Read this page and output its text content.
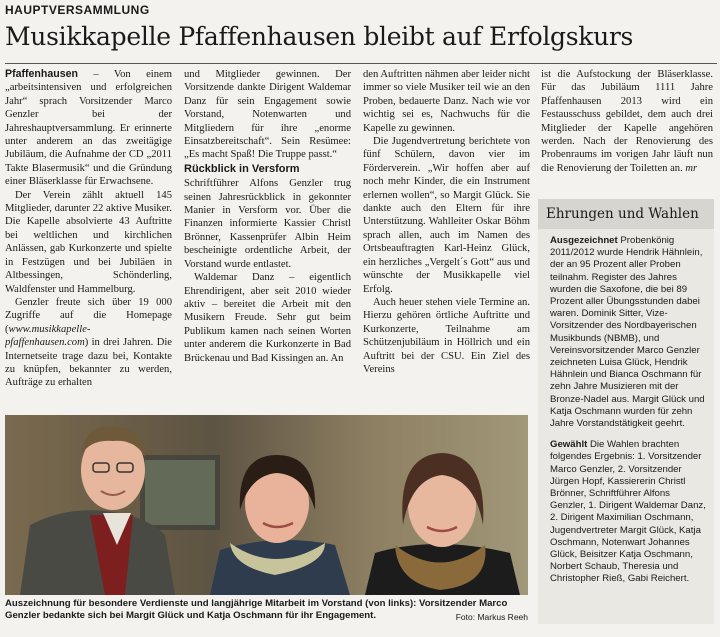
HAUPTVERSAMMLUNG
Musikkapelle Pfaffenhausen bleibt auf Erfolgskurs

Pfaffenhausen – Von einem „arbeitsintensiven und erfolgreichen Jahr“ sprach Vorsitzender Marco Genzler bei der Jahreshauptversammlung. Er erinnerte unter anderem an das zweitägige Jubiläum, die Aufnahme der CD „2011 Takte Blasermusik“ und die Gründung einer Bläserklasse für Erwachsene.

Der Verein zählt aktuell 145 Mitglieder, darunter 22 aktive Musiker. Die Kapelle absolvierte 43 Auftritte bei weltlichen und kirchlichen Anlässen, gab Kurkonzerte und spielte in Festzügen und bei Jubiläen in Altbessingen, Schönderling, Waldfenster und Hammelburg.

Genzler freute sich über 19 000 Zugriffe auf die Homepage (www.musikkapelle-pfaffenhausen.com) in drei Jahren. Die Internetseite trage dazu bei, Kontakte zu knüpfen, bekannter zu werden, Aufträge zu erhalten

und Mitglieder gewinnen. Der Vorsitzende dankte Dirigent Waldemar Danz für sein Engagement sowie Vorstand, Notenwarten und Mitgliedern für ihre „enorme Einsatzbereitschaft“. Sein Resümee: „Es macht Spaß! Die Truppe passt.“

Rückblick in Versform

Schriftführer Alfons Genzler trug seinen Jahresrückblick in gekonnter Manier in Versform vor. Über die Finanzen informierte Kassier Christl Brönner, Kassenprüfer Albin Heim bescheinigte ordentliche Arbeit, der Vorstand wurde entlastet.

Waldemar Danz – eigentlich Ehrendirigent, aber seit 2010 wieder aktiv – bereitet die Arbeit mit den Musikern Freude. Sehr gut beim Publikum kamen nach seinen Worten unter anderem die Kurkonzerte in Bad Brückenau und Bad Kissingen an. An

den Auftritten nähmen aber leider nicht immer so viele Musiker teil wie an den Proben, bedauerte Danz. Nach wie vor wichtig sei es, Nachwuchs für die Kapelle zu gewinnen.

Die Jugendvertretung berichtete von fünf Schülern, davon vier im Förderverein. „Wir hoffen aber auf noch mehr Kinder, die ein Instrument erlernen wollen“, so Margit Glück. Sie dankte auch den Eltern für ihre Unterstützung. Wahlleiter Oskar Böhm sprach allen, auch im Namen des Ortsbeauftragten Karl-Heinz Glück, ein herzliches „Vergelt´s Gott“ aus und wünschte der Musikkapelle viel Erfolg.

Auch heuer stehen viele Termine an. Hierzu gehören örtliche Auftritte und Kurkonzerte, Teilnahme am Schützenjubiläum in Höllrich und ein Auftritt bei der CSU. Ein Ziel des Vereins

ist die Aufstockung der Bläserklasse. Für das Jubiläum 1111 Jahre Pfaffenhausen 2013 wird ein Festausschuss gebildet, dem auch drei Mitglieder der Kapelle angehören werden. Nach der Renovierung des Probenraums im vorigen Jahr läuft nun die Renovierung der Toiletten an. mr

Ehrungen und Wahlen

Ausgezeichnet Probenkönig 2011/2012 wurde Hendrik Hähnlein, der an 95 Prozent aller Proben teilnahm. Register des Jahres wurden die Saxofone, die bei 89 Prozent aller Übungsstunden dabei waren. Dominik Sitter, Vize-Vorsitzender des Nordbayerischen Musikbunds (NBMB), und Vereinsvorsitzender Marco Genzler zeichneten Luisa Glück, Hendrik Hähnlein und Bianca Oschmann für zehn Jahre Musizieren mit der Bronze-Nadel aus. Margit Glück und Katja Oschmann wurden für zehn Jahre Vorstandstätigkeit geehrt.

Gewählt Die Wahlen brachten folgendes Ergebnis: 1. Vorsitzender Marco Genzler, 2. Vorsitzender Jürgen Hopf, Kassiererin Christl Brönner, Schriftführer Alfons Genzler, 1. Dirigent Waldemar Danz, 2. Dirigent Maximilian Oschmann, Jugendvertreter Margit Glück, Katja Oschmann, Notenwart Johannes Glück, Beisitzer Katja Oschmann, Norbert Schaub, Theresia und Christopher Rieß, Gabi Reichert.

Auszeichnung für besondere Verdienste und langjährige Mitarbeit im Vorstand (von links): Vorsitzender Marco Genzler bedankte sich bei Margit Glück und Katja Oschmann für ihr Engagement.	Foto: Markus Reeh
